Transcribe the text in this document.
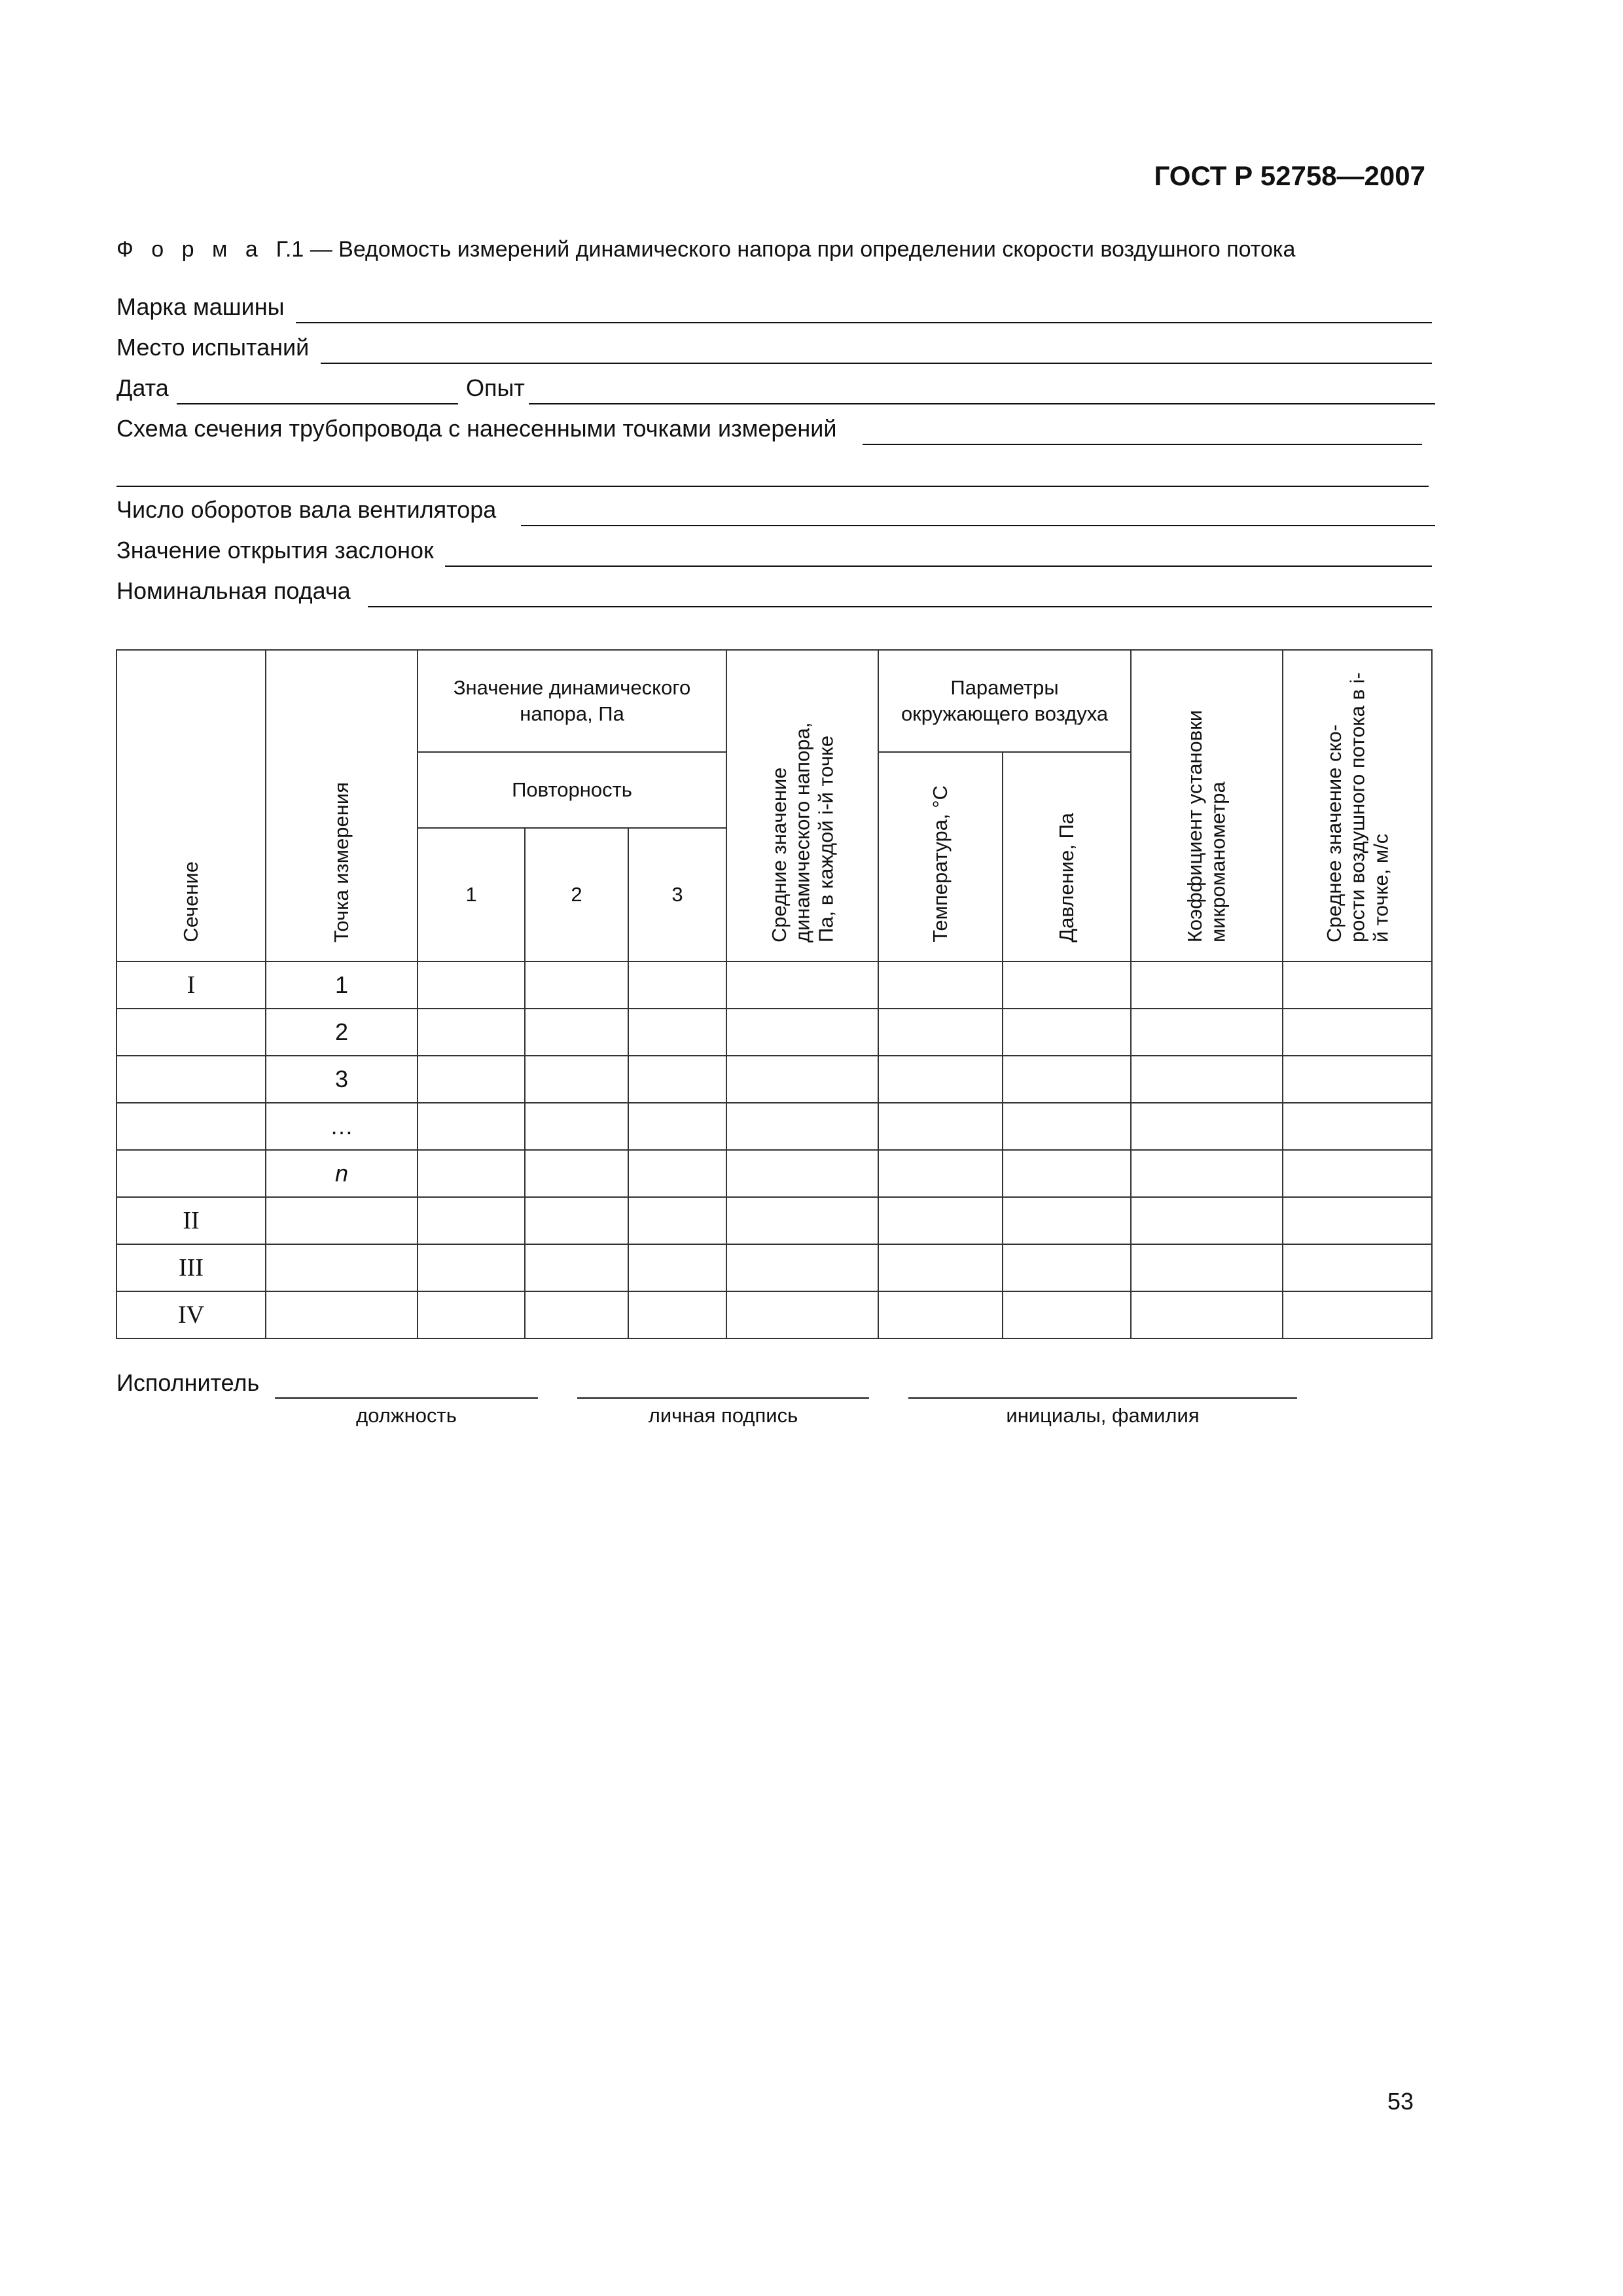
ГОСТ Р 52758—2007
Ф о р м а Г.1 — Ведомость измерений динамического напора при определении скорости воздушного потока
Марка машины
Место испытаний
Дата	Опыт
Схема сечения трубопровода с нанесенными точками измерений
Число оборотов вала вентилятора
Значение открытия заслонок
Номинальная подача
Сечение	Точка измерения	Значение динамического напора, Па			Средние значение динамического напора, Па, в каждой i-й точке	Параметры окружающего воздуха		Коэффициент установки микроманометра	Среднее значение ско- рости воздушного потока в i-й точке, м/с
		Повторность				Температура, °С	Давление, Па		
		1	2	3					
I	1								
	2								
	3								
	…								
	n								
II									
III									
IV									
Исполнитель
должность	личная подпись	инициалы, фамилия
53
